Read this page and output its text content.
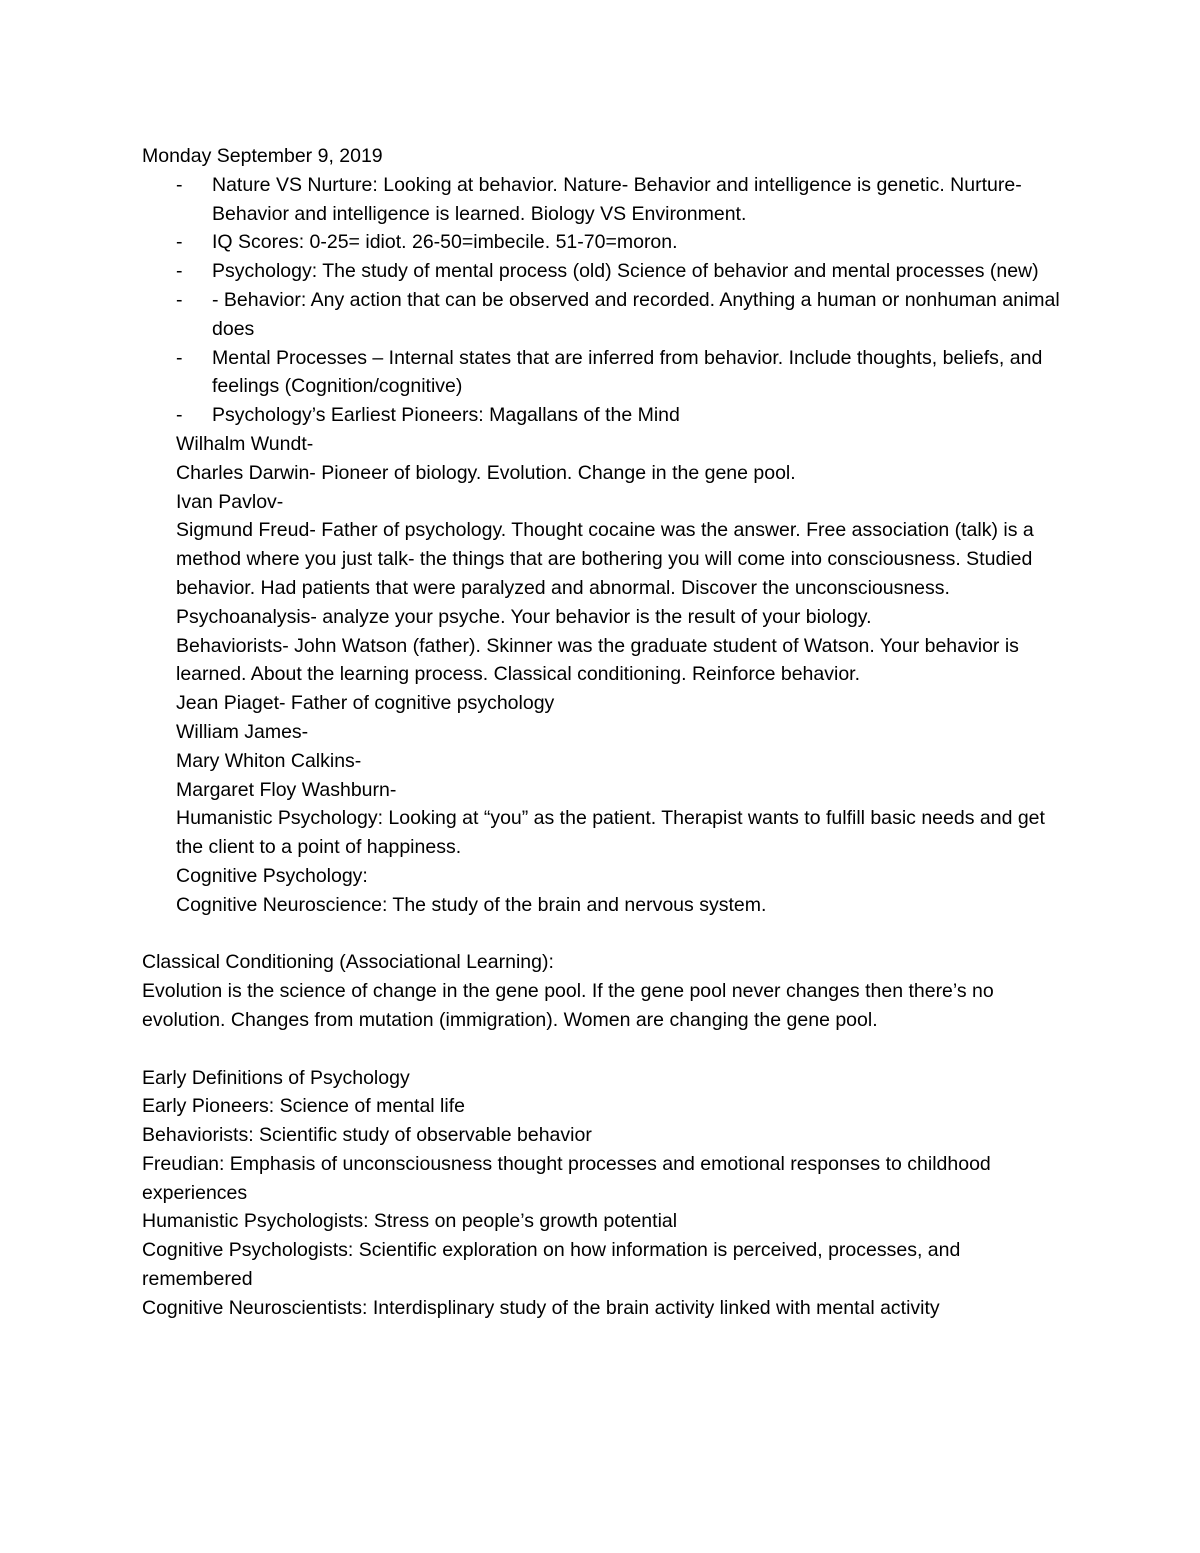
Monday September 9, 2019

- Nature VS Nurture: Looking at behavior. Nature- Behavior and intelligence is genetic. Nurture- Behavior and intelligence is learned. Biology VS Environment.
- IQ Scores: 0-25= idiot. 26-50=imbecile. 51-70=moron.
- Psychology: The study of mental process (old) Science of behavior and mental processes (new)
- - Behavior: Any action that can be observed and recorded. Anything a human or nonhuman animal does
- Mental Processes – Internal states that are inferred from behavior. Include thoughts, beliefs, and feelings (Cognition/cognitive)
- Psychology’s Earliest Pioneers: Magallans of the Mind

Wilhalm Wundt-

Charles Darwin- Pioneer of biology. Evolution. Change in the gene pool.

Ivan Pavlov-

Sigmund Freud- Father of psychology. Thought cocaine was the answer. Free association (talk) is a method where you just talk- the things that are bothering you will come into consciousness. Studied behavior. Had patients that were paralyzed and abnormal. Discover the unconsciousness. Psychoanalysis- analyze your psyche. Your behavior is the result of your biology.

Behaviorists- John Watson (father). Skinner was the graduate student of Watson. Your behavior is learned. About the learning process. Classical conditioning. Reinforce behavior.

Jean Piaget- Father of cognitive psychology

William James-

Mary Whiton Calkins-

Margaret Floy Washburn-

Humanistic Psychology: Looking at “you” as the patient. Therapist wants to fulfill basic needs and get the client to a point of happiness.

Cognitive Psychology:

Cognitive Neuroscience: The study of the brain and nervous system.

Classical Conditioning (Associational Learning):

Evolution is the science of change in the gene pool. If the gene pool never changes then there’s no evolution. Changes from mutation (immigration). Women are changing the gene pool.

Early Definitions of Psychology

Early Pioneers: Science of mental life

Behaviorists: Scientific study of observable behavior

Freudian: Emphasis of unconsciousness thought processes and emotional responses to childhood experiences

Humanistic Psychologists: Stress on people’s growth potential

Cognitive Psychologists: Scientific exploration on how information is perceived, processes, and remembered

Cognitive Neuroscientists: Interdisplinary study of the brain activity linked with mental activity
